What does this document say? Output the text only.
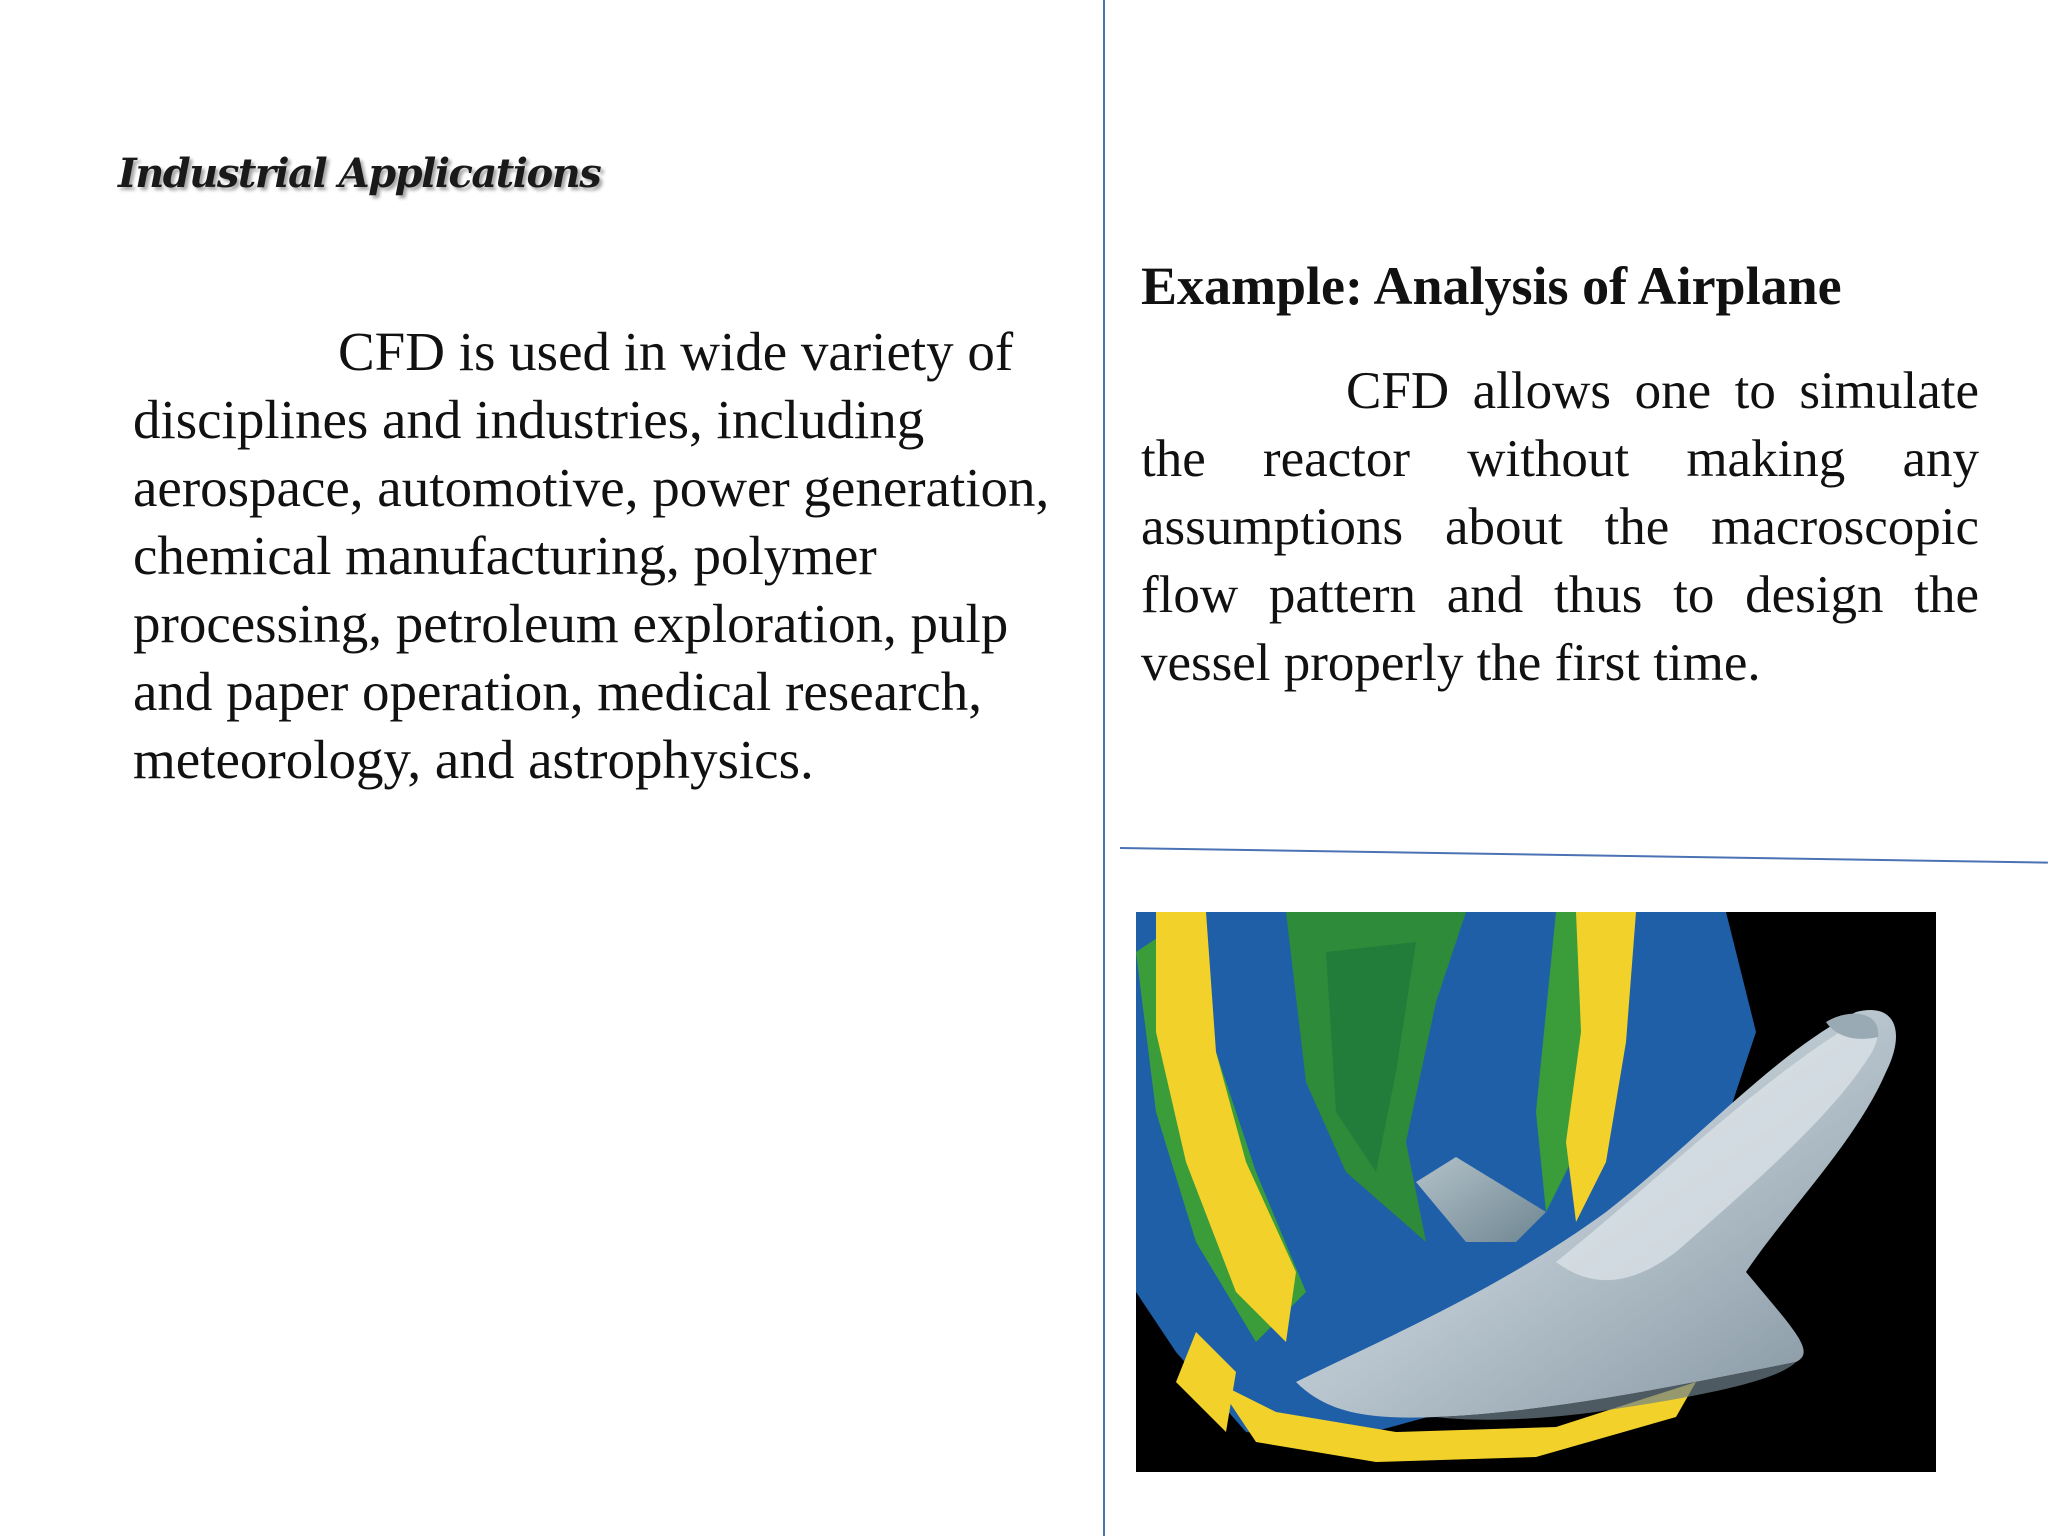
Industrial Applications

CFD is used in wide variety of disciplines and industries, including aerospace, automotive, power generation, chemical manufacturing, polymer processing, petroleum exploration, pulp and paper operation, medical research, meteorology, and astrophysics.

Example: Analysis of Airplane

CFD allows one to simulate the reactor without making any assumptions about the macroscopic flow pattern and thus to design the vessel properly the first time.
